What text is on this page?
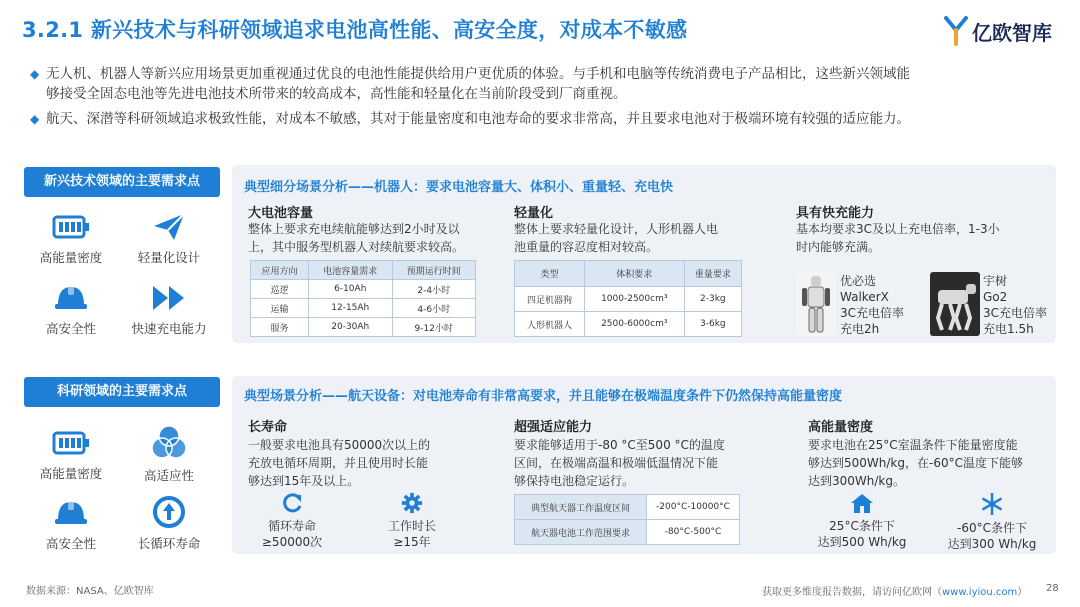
3.2.1 新兴技术与科研领域追求电池高性能、高安全度，对成本不敏感	亿欧智库
◆ 无人机、机器人等新兴应用场景更加重视通过优良的电池性能提供给用户更优质的体验。与手机和电脑等传统消费电子产品相比，这些新兴领域能
够接受全固态电池等先进电池技术所带来的较高成本，高性能和轻量化在当前阶段受到厂商重视。
◆ 航天、深潜等科研领域追求极致性能，对成本不敏感，其对于能量密度和电池寿命的要求非常高，并且要求电池对于极端环境有较强的适应能力。
新兴技术领域的主要需求点
高能量密度	轻量化设计
高安全性	快速充电能力
典型细分场景分析——机器人：要求电池容量大、体积小、重量轻、充电快
大电池容量
整体上要求充电续航能够达到2小时及以
上，其中服务型机器人对续航要求较高。
应用方向	电池容量需求	预期运行时间
巡逻	6-10Ah	2-4小时
运输	12-15Ah	4-6小时
服务	20-30Ah	9-12小时
轻量化
整体上要求轻量化设计，人形机器人电
池重量的容忍度相对较高。
类型	体积要求	重量要求
四足机器狗	1000-2500cm³	2-3kg
人形机器人	2500-6000cm³	3-6kg
具有快充能力
基本均要求3C及以上充电倍率，1-3小
时内能够充满。
优必选
WalkerX
3C充电倍率
充电2h
宇树
Go2
3C充电倍率
充电1.5h
科研领域的主要需求点
高能量密度	高适应性
高安全性	长循环寿命
典型场景分析——航天设备：对电池寿命有非常高要求，并且能够在极端温度条件下仍然保持高能量密度
长寿命
一般要求电池具有50000次以上的
充放电循环周期，并且使用时长能
够达到15年及以上。
循环寿命
≥50000次
工作时长
≥15年
超强适应能力
要求能够适用于-80 °C至500 °C的温度
区间，在极端高温和极端低温情况下能
够保持电池稳定运行。
典型航天器工作温度区间	-200°C-10000°C
航天器电池工作范围要求	-80°C-500°C
高能量密度
要求电池在25°C室温条件下能量密度能
够达到500Wh/kg，在-60°C温度下能够
达到300Wh/kg。
25°C条件下
达到500 Wh/kg
-60°C条件下
达到300 Wh/kg
数据来源：NASA、亿欧智库	获取更多维度报告数据，请访问亿欧网（www.iyiou.com） 28
